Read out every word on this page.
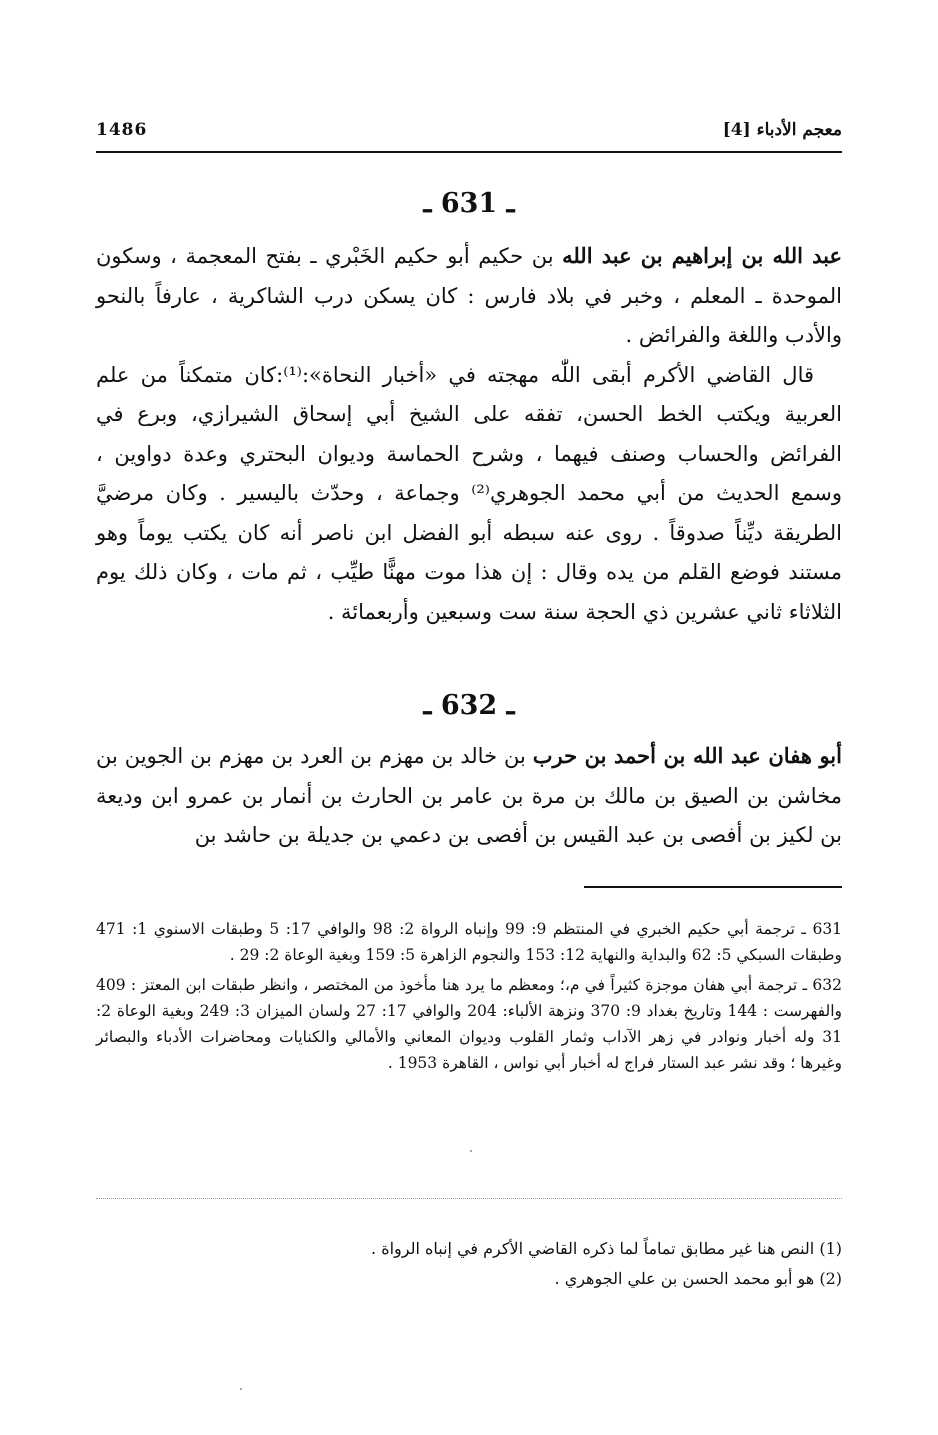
1486	معجم الأدباء [4]
ـ 631 ـ

عبد الله بن إبراهيم بن عبد الله بن حكيم أبو حكيم الخَبْري ـ بفتح المعجمة ، وسكون الموحدة ـ المعلم ، وخبر في بلاد فارس : كان يسكن درب الشاكرية ، عارفاً بالنحو والأدب واللغة والفرائض .

قال القاضي الأكرم أبقى اللّٰه مهجته في «أخبار النحاة»:⁽¹⁾:كان متمكناً من علم العربية ويكتب الخط الحسن، تفقه على الشيخ أبي إسحاق الشيرازي، وبرع في الفرائض والحساب وصنف فيهما ، وشرح الحماسة وديوان البحتري وعدة دواوين ، وسمع الحديث من أبي محمد الجوهري⁽²⁾ وجماعة ، وحدّث باليسير . وكان مرضيَّ الطريقة ديِّناً صدوقاً . روى عنه سبطه أبو الفضل ابن ناصر أنه كان يكتب يوماً وهو مستند فوضع القلم من يده وقال : إن هذا موت مهنًّا طيِّب ، ثم مات ، وكان ذلك يوم الثلاثاء ثاني عشرين ذي الحجة سنة ست وسبعين وأربعمائة .

ـ 632 ـ

أبو هفان عبد الله بن أحمد بن حرب بن خالد بن مهزم بن العرد بن مهزم بن الجوين بن مخاشن بن الصيق بن مالك بن مرة بن عامر بن الحارث بن أنمار بن عمرو ابن وديعة بن لكيز بن أفصى بن عبد القيس بن أفصى بن دعمي بن جديلة بن حاشد بن

631 ـ ترجمة أبي حكيم الخبري في المنتظم 9: 99 وإنباه الرواة 2: 98 والوافي 17: 5 وطبقات الاسنوي 1: 471 وطبقات السبكي 5: 62 والبداية والنهاية 12: 153 والنجوم الزاهرة 5: 159 وبغية الوعاة 2: 29 .

632 ـ ترجمة أبي هفان موجزة كثيراً في م،؛ ومعظم ما يرد هنا مأخوذ من المختصر ، وانظر طبقات ابن المعتز : 409 والفهرست : 144 وتاريخ بغداد 9: 370 ونزهة الألباء: 204 والوافي 17: 27 ولسان الميزان 3: 249 وبغية الوعاة 2: 31 وله أخبار ونوادر في زهر الآداب وثمار القلوب وديوان المعاني والأمالي والكنايات ومحاضرات الأدباء والبصائر وغيرها ؛ وقد نشر عبد الستار فراج له أخبار أبي نواس ، القاهرة 1953 .

(1) النص هنا غير مطابق تماماً لما ذكره القاضي الأكرم في إنباه الرواة .

(2) هو أبو محمد الحسن بن علي الجوهري .
